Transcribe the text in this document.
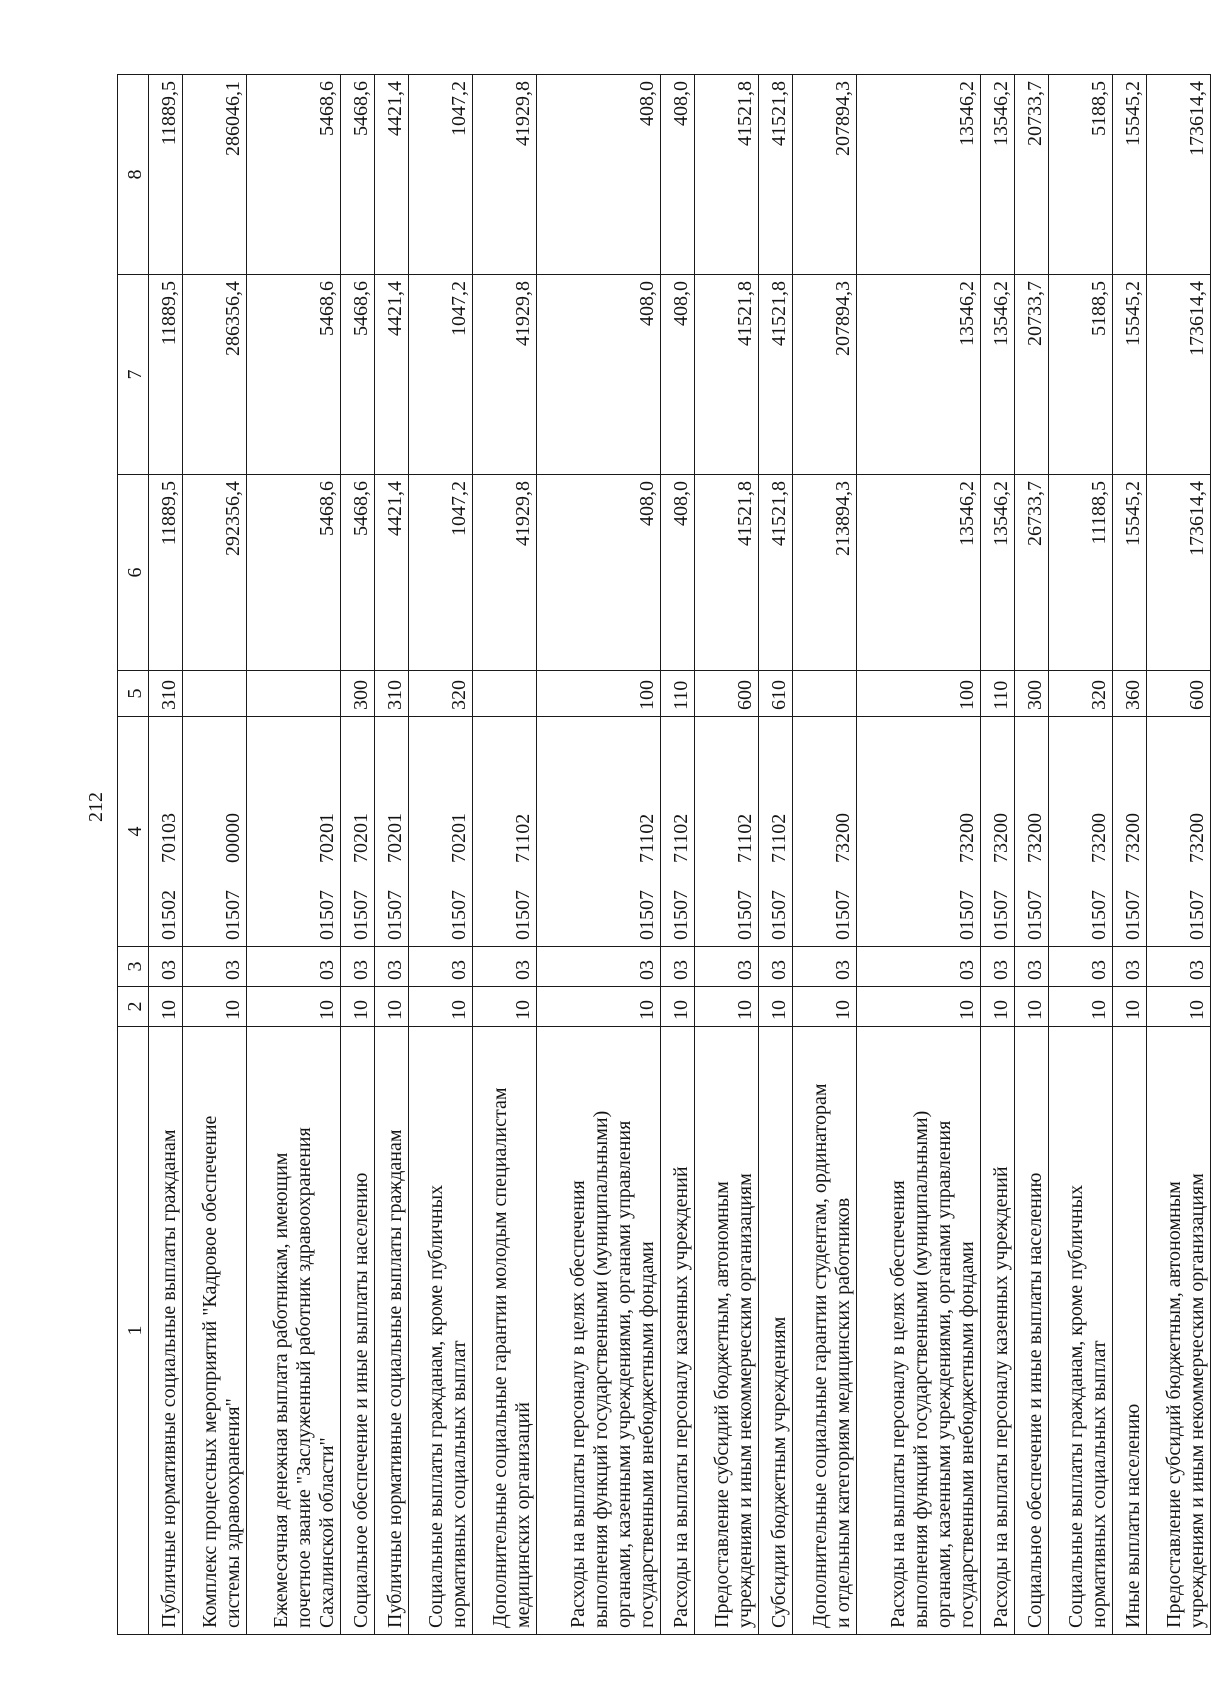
212
1	2	3	4	5	6	7	8

Публичные нормативные социальные выплаты гражданам	10	03	01502 70103	310	11889,5	11889,5	11889,5

Комплекс процессных мероприятий "Кадровое обеспечение системы здравоохранения"	10	03	01507 00000		292356,4	286356,4	286046,1

Ежемесячная денежная выплата работникам, имеющим почетное звание "Заслуженный работник здравоохранения Сахалинской области"	10	03	01507 70201		5468,6	5468,6	5468,6

Социальное обеспечение и иные выплаты населению	10	03	01507 70201	300	5468,6	5468,6	5468,6

Публичные нормативные социальные выплаты гражданам	10	03	01507 70201	310	4421,4	4421,4	4421,4

Социальные выплаты гражданам, кроме публичных нормативных социальных выплат	10	03	01507 70201	320	1047,2	1047,2	1047,2

Дополнительные социальные гарантии молодым специалистам медицинских организаций	10	03	01507 71102		41929,8	41929,8	41929,8

Расходы на выплаты персоналу в целях обеспечения выполнения функций государственными (муниципальными) органами, казенными учреждениями, органами управления государственными внебюджетными фондами	10	03	01507 71102	100	408,0	408,0	408,0

Расходы на выплаты персоналу казенных учреждений	10	03	01507 71102	110	408,0	408,0	408,0

Предоставление субсидий бюджетным, автономным учреждениям и иным некоммерческим организациям	10	03	01507 71102	600	41521,8	41521,8	41521,8

Субсидии бюджетным учреждениям	10	03	01507 71102	610	41521,8	41521,8	41521,8

Дополнительные социальные гарантии студентам, ординаторам и отдельным категориям медицинских работников	10	03	01507 73200		213894,3	207894,3	207894,3

Расходы на выплаты персоналу в целях обеспечения выполнения функций государственными (муниципальными) органами, казенными учреждениями, органами управления государственными внебюджетными фондами	10	03	01507 73200	100	13546,2	13546,2	13546,2

Расходы на выплаты персоналу казенных учреждений	10	03	01507 73200	110	13546,2	13546,2	13546,2

Социальное обеспечение и иные выплаты населению	10	03	01507 73200	300	26733,7	20733,7	20733,7

Социальные выплаты гражданам, кроме публичных нормативных социальных выплат	10	03	01507 73200	320	11188,5	5188,5	5188,5

Иные выплаты населению	10	03	01507 73200	360	15545,2	15545,2	15545,2

Предоставление субсидий бюджетным, автономным учреждениям и иным некоммерческим организациям	10	03	01507 73200	600	173614,4	173614,4	173614,4
